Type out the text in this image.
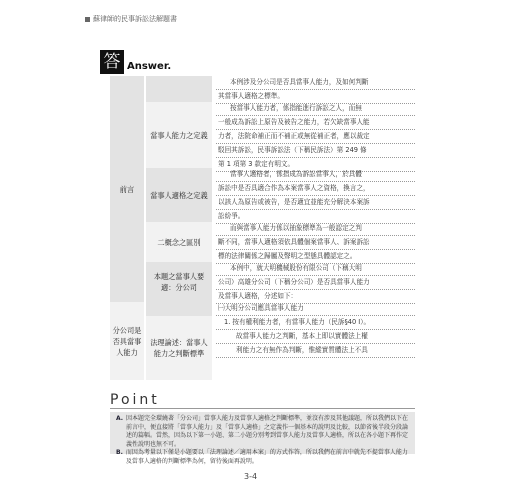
蘇律師的民事訴訟法解題書
答 Answer.
前言
分公司是否具當事人能力
當事人能力之定義
當事人適格之定義
二概念之區別
本題之當事人要適：分公司
法理論述：當事人能力之判斷標準
本例涉及分公司是否具當事人能力，及如何判斷
其當事人適格之標準。
按當事人能力者，係指能進行訴訟之人，而無
一般成為訴訟上原告及被告之能力，若欠缺當事人能
力者，法院命補正而不補正或無從補正者，應以裁定
駁回其訴訟，民事訴訟法（下稱民訴法）第 249 條
第 1 項第 3 款定有明文。
當事人適格者，係指成為訴訟當事人，於具體
訴訟中是否具適合作為本案當事人之資格，換言之，
以該人為原告或被告，是否適宜並能充分解決本案訴
訟紛爭。
而與當事人能力係以抽象標準為一般認定之判
斷不同，當事人適格須依具體個案當事人、訴案訴訟
標的法律關係之歸屬及聲明之型態具體認定之。
本例中，就大明機械股份有限公司（下稱大明
公司）高雄分公司（下稱分公司）是否具當事人能力
及當事人適格，分述如下：
㈠大明分公司應具當事人能力
1. 按有權利能力者，有當事人能力（民訴§40 I）。
故當事人能力之判斷，基本上即以實體法上權
利能力之有無作為判斷，惟縱實質體法上不具
Point
A. 因本題完全環繞著「分公司」當事人能力及當事人適格之判斷標準，並沒有涉及其他議題，所以我們以下在前言中，便直接將「當事人能力」及「當事人適格」之定義作一個基本的說明及比較，以節省後半段分段論述的篇幅。當然，因為以下第一小題、第二小題分別考到當事人能力及當事人適格，所以在各小題下再作定義性說明也無不可。
B. 而因為考量以下僅是小題要以「法理論述／適用本案」的方式作答，所以我們在前言中就先不提當事人能力及當事人適格的判斷標準為何，留待後面再說明。
3-4
